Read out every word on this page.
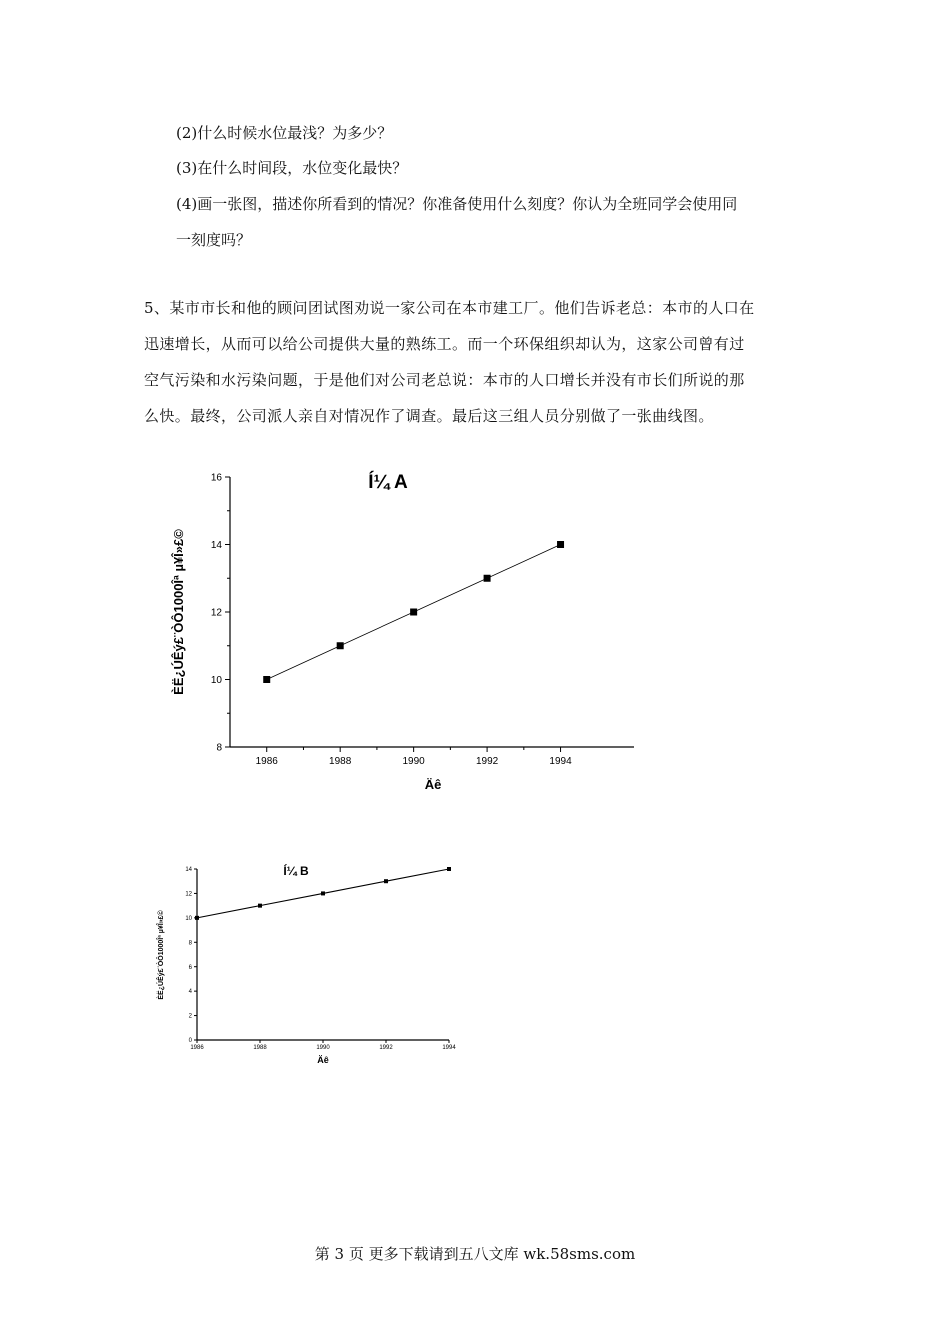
(2)什么时候水位最浅？为多少？
(3)在什么时间段，水位变化最快？
(4)画一张图，描述你所看到的情况？你准备使用什么刻度？你认为全班同学会使用同
一刻度吗？
5、某市市长和他的顾问团试图劝说一家公司在本市建工厂。他们告诉老总：本市的人口在
迅速增长，从而可以给公司提供大量的熟练工。而一个环保组织却认为，这家公司曾有过
空气污染和水污染问题，于是他们对公司老总说：本市的人口增长并没有市长们所说的那
么快。最终，公司派人亲自对情况作了调查。最后这三组人员分别做了一张曲线图。
8
10
12
14
16
1986	1988	1990	1992	1994
Í¼ A
Äê
ÈË¿ÚÊý£¨ÒÔ1000Îª µ¥Î»£©
0
2
4
6
8
10
12
14
1986	1988	1990	1992	1994
Í¼ B
Äê
ÈË¿ÚÊý£¨ÒÔ1000Îª µ¥Î»£©
第 3 页 更多下载请到五八文库 wk.58sms.com
